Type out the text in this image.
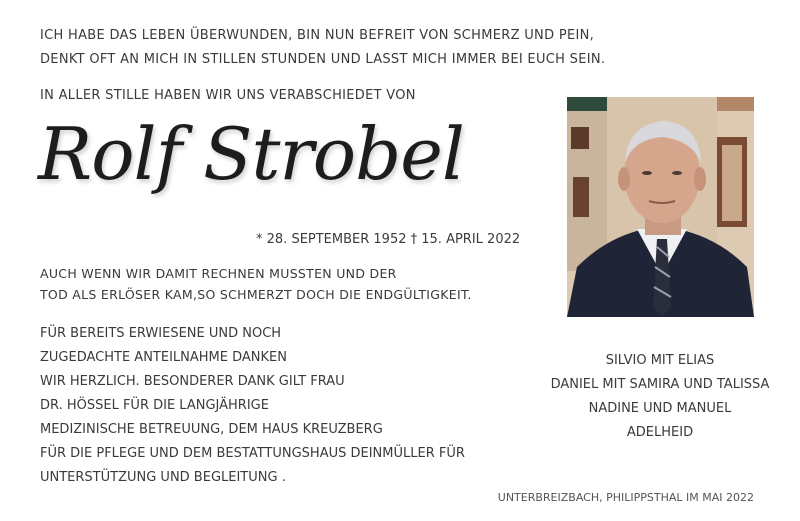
ICH HABE DAS LEBEN ÜBERWUNDEN, BIN NUN BEFREIT VON SCHMERZ UND PEIN,
DENKT OFT AN MICH IN STILLEN STUNDEN UND LASST MICH IMMER BEI EUCH SEIN.
IN ALLER STILLE HABEN WIR UNS VERABSCHIEDET VON
Rolf Strobel
* 28. SEPTEMBER 1952 † 15. APRIL 2022
AUCH WENN WIR DAMIT RECHNEN MUSSTEN UND DER
TOD ALS ERLÖSER KAM,SO SCHMERZT DOCH DIE ENDGÜLTIGKEIT.
FÜR BEREITS ERWIESENE UND NOCH
ZUGEDACHTE ANTEILNAHME DANKEN
WIR HERZLICH. BESONDERER DANK GILT FRAU
DR. HÖSSEL FÜR DIE LANGJÄHRIGE
MEDIZINISCHE BETREUUNG, DEM HAUS KREUZBERG
FÜR DIE PFLEGE UND DEM BESTATTUNGSHAUS DEINMÜLLER FÜR
UNTERSTÜTZUNG UND BEGLEITUNG .
SILVIO MIT ELIAS
DANIEL MIT SAMIRA UND TALISSA
NADINE UND MANUEL
ADELHEID
UNTERBREIZBACH, PHILIPPSTHAL IM MAI 2022
